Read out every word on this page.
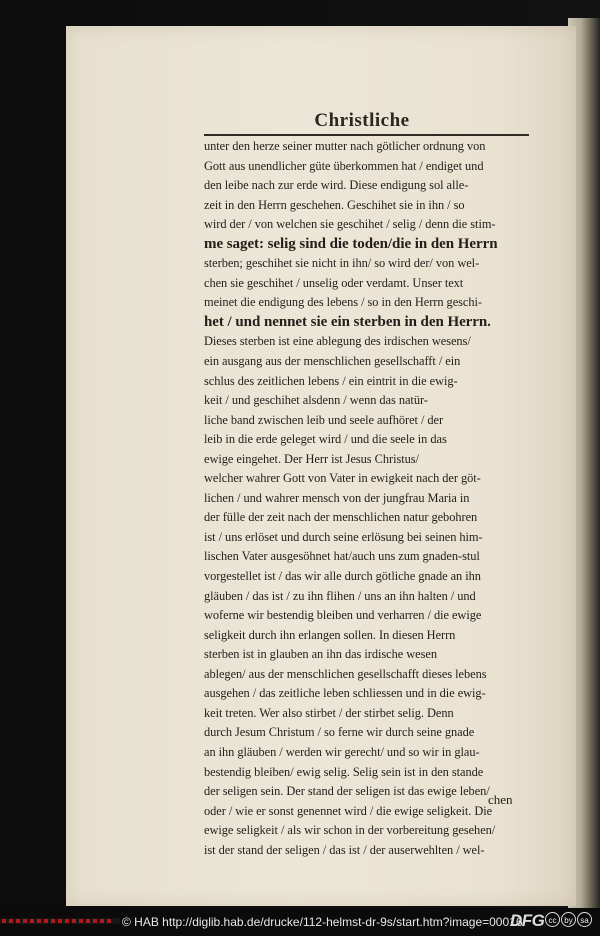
Christliche
unter den herze seiner mutter nach götlicher ordnung von
Gott aus unendlicher güte überkommen hat / endiget und
den leibe nach zur erde wird. Diese endigung sol alle-
zeit in den Herrn geschehen. Geschihet sie in ihn / so
wird der / von welchen sie geschihet / selig / denn die stim-
me saget: selig sind die toden/die in den Herrn
sterben; geschihet sie nicht in ihn/ so wird der/ von wel-
chen sie geschihet / unselig oder verdamt. Unser text
meinet die endigung des lebens / so in den Herrn geschi-
het / und nennet sie ein sterben in den Herrn.
Dieses sterben ist eine ablegung des irdischen wesens/
ein ausgang aus der menschlichen gesellschafft / ein
schlus des zeitlichen lebens / ein eintrit in die ewig-
keit / und geschihet alsdenn / wenn das natür-
liche band zwischen leib und seele aufhöret / der
leib in die erde geleget wird / und die seele in das
ewige eingehet. Der Herr ist Jesus Christus/
welcher wahrer Gott von Vater in ewigkeit nach der göt-
lichen / und wahrer mensch von der jungfrau Maria in
der fülle der zeit nach der menschlichen natur gebohren
ist / uns erlöset und durch seine erlösung bei seinen him-
lischen Vater ausgesöhnet hat/auch uns zum gnaden-stul
vorgestellet ist / das wir alle durch götliche gnade an ihn
gläuben / das ist / zu ihn flihen / uns an ihn halten / und
woferne wir bestendig bleiben und verharren / die ewige
seligkeit durch ihn erlangen sollen. In diesen Herrn
sterben ist in glauben an ihn das irdische wesen
ablegen/ aus der menschlichen gesellschafft dieses lebens
ausgehen / das zeitliche leben schliessen und in die ewig-
keit treten. Wer also stirbet / der stirbet selig. Denn
durch Jesum Christum / so ferne wir durch seine gnade
an ihn gläuben / werden wir gerecht/ und so wir in glau-
bestendig bleiben/ ewig selig. Selig sein ist in den stande
der seligen sein. Der stand der seligen ist das ewige leben/
oder / wie er sonst genennet wird / die ewige seligkeit. Die
ewige seligkeit / als wir schon in der vorbereitung gesehen/
ist der stand der seligen / das ist / der auserwehlten / wel-
chen
© HAB http://diglib.hab.de/drucke/112-helmst-dr-9s/start.htm?image=00016
DFG cc by sa
